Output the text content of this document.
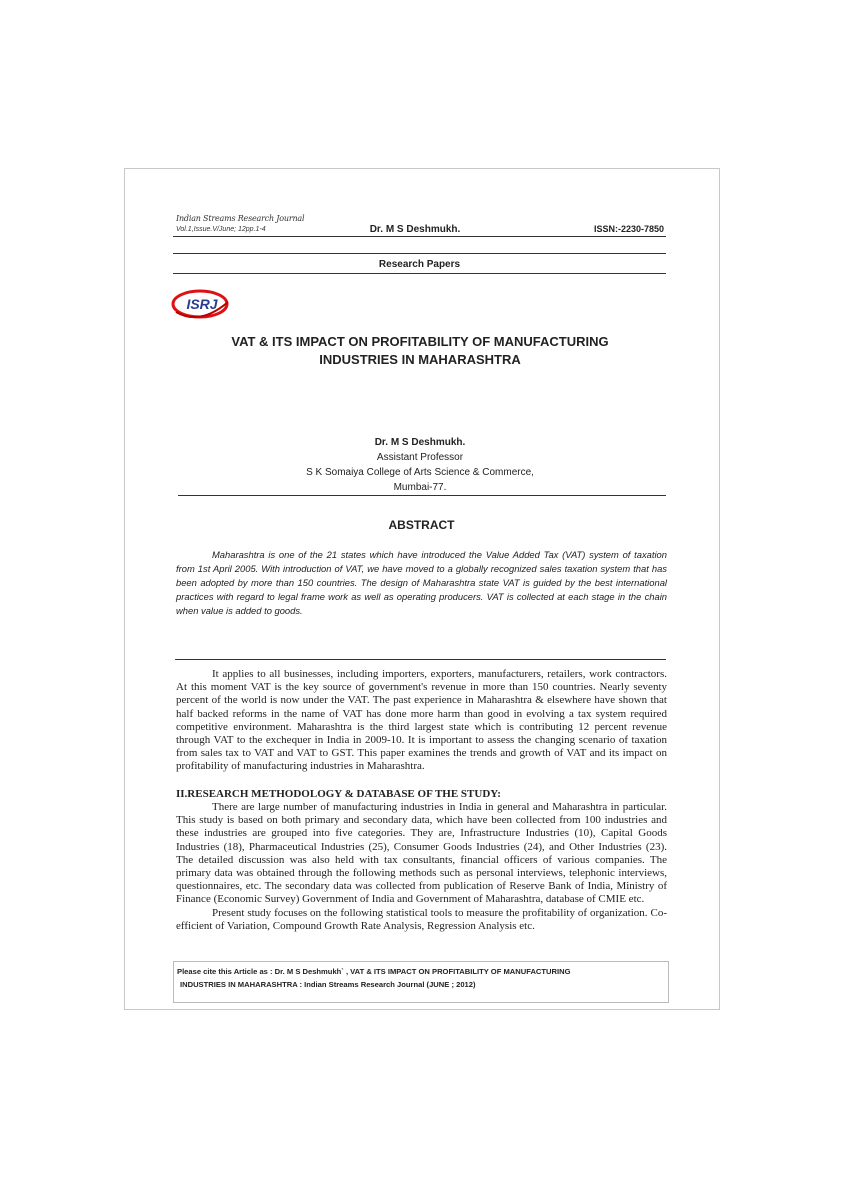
Indian Streams Research Journal
Vol.1,Issue.V/June; 12pp.1-4	Dr. M S Deshmukh.	ISSN:-2230-7850
Research Papers
ISRJ
VAT & ITS IMPACT ON PROFITABILITY OF MANUFACTURING
INDUSTRIES IN MAHARASHTRA
Dr. M S Deshmukh.
Assistant Professor
S K Somaiya College of Arts Science & Commerce,
Mumbai-77.
ABSTRACT
Maharashtra is one of the 21 states which have introduced the Value Added Tax (VAT) system of taxation from 1st April 2005. With introduction of VAT, we have moved to a globally recognized sales taxation system that has been adopted by more than 150 countries. The design of Maharashtra state VAT is guided by the best international practices with regard to legal frame work as well as operating producers. VAT is collected at each stage in the chain when value is added to goods.

It applies to all businesses, including importers, exporters, manufacturers, retailers, work contractors. At this moment VAT is the key source of government's revenue in more than 150 countries. Nearly seventy percent of the world is now under the VAT. The past experience in Maharashtra & elsewhere have shown that half backed reforms in the name of VAT has done more harm than good in evolving a tax system required competitive environment. Maharashtra is the third largest state which is contributing 12 percent revenue through VAT to the exchequer in India in 2009-10. It is important to assess the changing scenario of taxation from sales tax to VAT and VAT to GST. This paper examines the trends and growth of VAT and its impact on profitability of manufacturing industries in Maharashtra.

II.RESEARCH METHODOLOGY & DATABASE OF THE STUDY:

There are large number of manufacturing industries in India in general and Maharashtra in particular. This study is based on both primary and secondary data, which have been collected from 100 industries and these industries are grouped into five categories. They are, Infrastructure Industries (10), Capital Goods Industries (18), Pharmaceutical Industries (25), Consumer Goods Industries (24), and Other Industries (23). The detailed discussion was also held with tax consultants, financial officers of various companies. The primary data was obtained through the following methods such as personal interviews, telephonic interviews, questionnaires, etc. The secondary data was collected from publication of Reserve Bank of India, Ministry of Finance (Economic Survey) Government of India and Government of Maharashtra, database of CMIE etc.

Present study focuses on the following statistical tools to measure the profitability of organization. Co-efficient of Variation, Compound Growth Rate Analysis, Regression Analysis etc.

Please cite this Article as : Dr. M S Deshmukh` , VAT & ITS IMPACT ON PROFITABILITY OF MANUFACTURING
INDUSTRIES IN MAHARASHTRA : Indian Streams Research Journal (JUNE ; 2012)
